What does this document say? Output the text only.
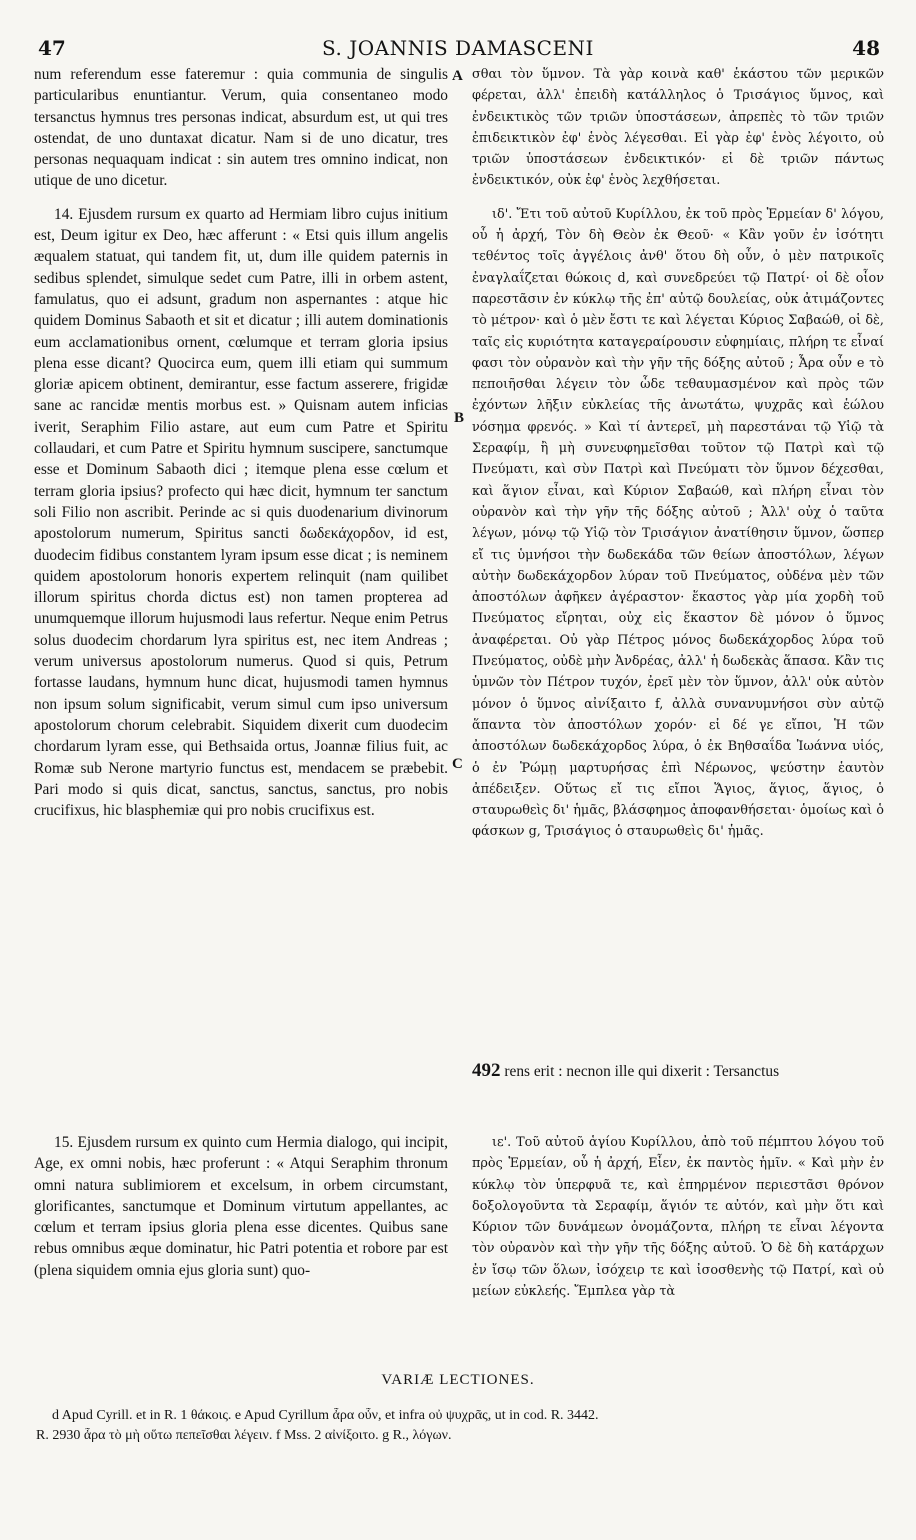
47	S. JOANNIS DAMASCENI	48

num referendum esse fateremur : quia communia de singulis particularibus enuntiantur. Verum, quia consentaneo modo tersanctus hymnus tres personas indicat, absurdum est, ut qui tres ostendat, de uno duntaxat dicatur. Nam si de uno dicatur, tres personas nequaquam indicat : sin autem tres omnino indicat, non utique de uno dicetur.

14. Ejusdem rursum ex quarto ad Hermiam libro cujus initium est, Deum igitur ex Deo, hæc afferunt : « Etsi quis illum angelis æqualem statuat, qui tandem fit, ut, dum ille quidem paternis in sedibus splendet, simulque sedet cum Patre, illi in orbem astent, famulatus, quo ei adsunt, gradum non aspernantes : atque hic quidem Dominus Sabaoth et sit et dicatur ; illi autem dominationis eum acclamationibus ornent, cœlumque et terram gloria ipsius plena esse dicant? Quocirca eum, quem illi etiam qui summum gloriæ apicem obtinent, demirantur, esse factum asserere, frigidæ sane ac rancidæ mentis morbus est. » Quisnam autem inficias iverit, Seraphim Filio astare, aut eum cum Patre et Spiritu collaudari, et cum Patre et Spiritu hymnum suscipere, sanctumque esse et Dominum Sabaoth dici ; itemque plena esse cœlum et terram gloria ipsius? profecto qui hæc dicit, hymnum ter sanctum soli Filio non ascribit. Perinde ac si quis duodenarium divinorum apostolorum numerum, Spiritus sancti δωδεκάχορδον, id est, duodecim fidibus constantem lyram ipsum esse dicat ; is neminem quidem apostolorum honoris expertem relinquit (nam quilibet illorum spiritus chorda dictus est) non tamen propterea ad unumquemque illorum hujusmodi laus refertur. Neque enim Petrus solus duodecim chordarum lyra spiritus est, nec item Andreas ; verum universus apostolorum numerus. Quod si quis, Petrum fortasse laudans, hymnum hunc dicat, hujusmodi tamen hymnus non ipsum solum significabit, verum simul cum ipso universum apostolorum chorum celebrabit. Siquidem dixerit cum duodecim chordarum lyram esse, qui Bethsaida ortus, Joannæ filius fuit, ac Romæ sub Nerone martyrio functus est, mendacem se præbebit. Pari modo si quis dicat, sanctus, sanctus, sanctus, pro nobis crucifixus, hic blasphemiæ qui pro nobis crucifixus est.

15. Ejusdem rursum ex quinto cum Hermia dialogo, qui incipit, Age, ex omni nobis, hæc proferunt : « Atqui Seraphim thronum omni natura sublimiorem et excelsum, in orbem circumstant, glorificantes, sanctumque et Dominum virtutum appellantes, ac cœlum et terram ipsius gloria plena esse dicentes. Quibus sane rebus omnibus æque dominatur, hic Patri potentia et robore par est (plena siquidem omnia ejus gloria sunt) quo-

σθαι τὸν ὕμνον. Τὰ γὰρ κοινὰ καθ' ἑκάστου τῶν μερικῶν φέρεται, ἀλλ' ἐπειδὴ κατάλληλος ὁ Τρισάγιος ὕμνος, καὶ ἐνδεικτικὸς τῶν τριῶν ὑποστάσεων, ἀπρεπὲς τὸ τῶν τριῶν ἐπιδεικτικὸν ἐφ' ἑνὸς λέγεσθαι. Εἰ γὰρ ἐφ' ἑνὸς λέγοιτο, οὐ τριῶν ὑποστάσεων ἐνδεικτικόν· εἰ δὲ τριῶν πάντως ἐνδεικτικόν, οὐκ ἐφ' ἑνὸς λεχθήσεται.

ιδ'. Ἔτι τοῦ αὐτοῦ Κυρίλλου, ἐκ τοῦ πρὸς Ἑρμείαν δ' λόγου, οὗ ἡ ἀρχή, Τὸν δὴ Θεὸν ἐκ Θεοῦ· « Κἂν γοῦν ἐν ἰσότητι τεθέντος τοῖς ἀγγέλοις ἀνθ' ὅτου δὴ οὖν, ὁ μὲν πατρικοῖς ἐναγλαΐζεται θώκοις d, καὶ συνεδρεύει τῷ Πατρί· οἱ δὲ οἷον παρεστᾶσιν ἐν κύκλῳ τῆς ἐπ' αὐτῷ δουλείας, οὐκ ἀτιμάζοντες τὸ μέτρον· καὶ ὁ μὲν ἔστι τε καὶ λέγεται Κύριος Σαβαώθ, οἱ δὲ, ταῖς εἰς κυριότητα καταγεραίρουσιν εὐφημίαις, πλήρη τε εἶναί φασι τὸν οὐρανὸν καὶ τὴν γῆν τῆς δόξης αὐτοῦ ; Ἆρα οὖν e τὸ πεποιῆσθαι λέγειν τὸν ὧδε τεθαυμασμένον καὶ πρὸς τῶν ἐχόντων λῆξιν εὐκλείας τῆς ἀνωτάτω, ψυχρᾶς καὶ ἑώλου νόσημα φρενός. » Καὶ τί ἀντερεῖ, μὴ παρεστάναι τῷ Υἱῷ τὰ Σεραφίμ, ἢ μὴ συνευφημεῖσθαι τοῦτον τῷ Πατρὶ καὶ τῷ Πνεύματι, καὶ σὺν Πατρὶ καὶ Πνεύματι τὸν ὕμνον δέχεσθαι, καὶ ἅγιον εἶναι, καὶ Κύριον Σαβαώθ, καὶ πλήρη εἶναι τὸν οὐρανὸν καὶ τὴν γῆν τῆς δόξης αὐτοῦ ; Ἀλλ' οὐχ ὁ ταῦτα λέγων, μόνῳ τῷ Υἱῷ τὸν Τρισάγιον ἀνατίθησιν ὕμνον, ὥσπερ εἴ τις ὑμνήσοι τὴν δωδεκάδα τῶν θείων ἀποστόλων, λέγων αὐτὴν δωδεκάχορδον λύραν τοῦ Πνεύματος, οὐδένα μὲν τῶν ἀποστόλων ἀφῆκεν ἀγέραστον· ἕκαστος γὰρ μία χορδὴ τοῦ Πνεύματος εἴρηται, οὐχ εἰς ἕκαστον δὲ μόνον ὁ ὕμνος ἀναφέρεται. Οὐ γὰρ Πέτρος μόνος δωδεκάχορδος λύρα τοῦ Πνεύματος, οὐδὲ μὴν Ἀνδρέας, ἀλλ' ἡ δωδεκὰς ἅπασα. Κἂν τις ὑμνῶν τὸν Πέτρον τυχόν, ἐρεῖ μὲν τὸν ὕμνον, ἀλλ' οὐκ αὐτὸν μόνον ὁ ὕμνος αἰνίξαιτο f, ἀλλὰ συνανυμνήσοι σὺν αὐτῷ ἅπαντα τὸν ἀποστόλων χορόν· εἰ δέ γε εἴποι, Ἡ τῶν ἀποστόλων δωδεκάχορδος λύρα, ὁ ἐκ Βηθσαΐδα Ἰωάννα υἱός, ὁ ἐν Ῥώμῃ μαρτυρήσας ἐπὶ Νέρωνος, ψεύστην ἑαυτὸν ἀπέδειξεν. Οὕτως εἴ τις εἴποι Ἅγιος, ἅγιος, ἅγιος, ὁ σταυρωθεὶς δι' ἡμᾶς, βλάσφημος ἀποφανθήσεται· ὁμοίως καὶ ὁ φάσκων g, Τρισάγιος ὁ σταυρωθεὶς δι' ἡμᾶς.

492 rens erit : necnon ille qui dixerit : Tersanctus

ιε'. Τοῦ αὐτοῦ ἁγίου Κυρίλλου, ἀπὸ τοῦ πέμπτου λόγου τοῦ πρὸς Ἑρμείαν, οὗ ἡ ἀρχή, Εἶεν, ἐκ παντὸς ἡμῖν. « Καὶ μὴν ἐν κύκλῳ τὸν ὑπερφυᾶ τε, καὶ ἐπηρμένον περιεστᾶσι θρόνον δοξολογοῦντα τὰ Σεραφίμ, ἅγιόν τε αὐτόν, καὶ μὴν ὅτι καὶ Κύριον τῶν δυνάμεων ὀνομάζοντα, πλήρη τε εἶναι λέγοντα τὸν οὐρανὸν καὶ τὴν γῆν τῆς δόξης αὐτοῦ. Ὁ δὲ δὴ κατάρχων ἐν ἴσῳ τῶν ὅλων, ἰσόχειρ τε καὶ ἰσοσθενὴς τῷ Πατρί, καὶ οὐ μείων εὐκλεής. Ἔμπλεα γὰρ τὰ

A
B
C
VARIÆ LECTIONES.
d Apud Cyrill. et in R. 1 θάκοις. e Apud Cyrillum ἆρα οὖν, et infra οὐ ψυχρᾶς, ut in cod. R. 3442.
R. 2930 ἆρα τὸ μὴ οὕτω πεπεῖσθαι λέγειν. f Mss. 2 αἰνίξοιτο. g R., λόγων.
